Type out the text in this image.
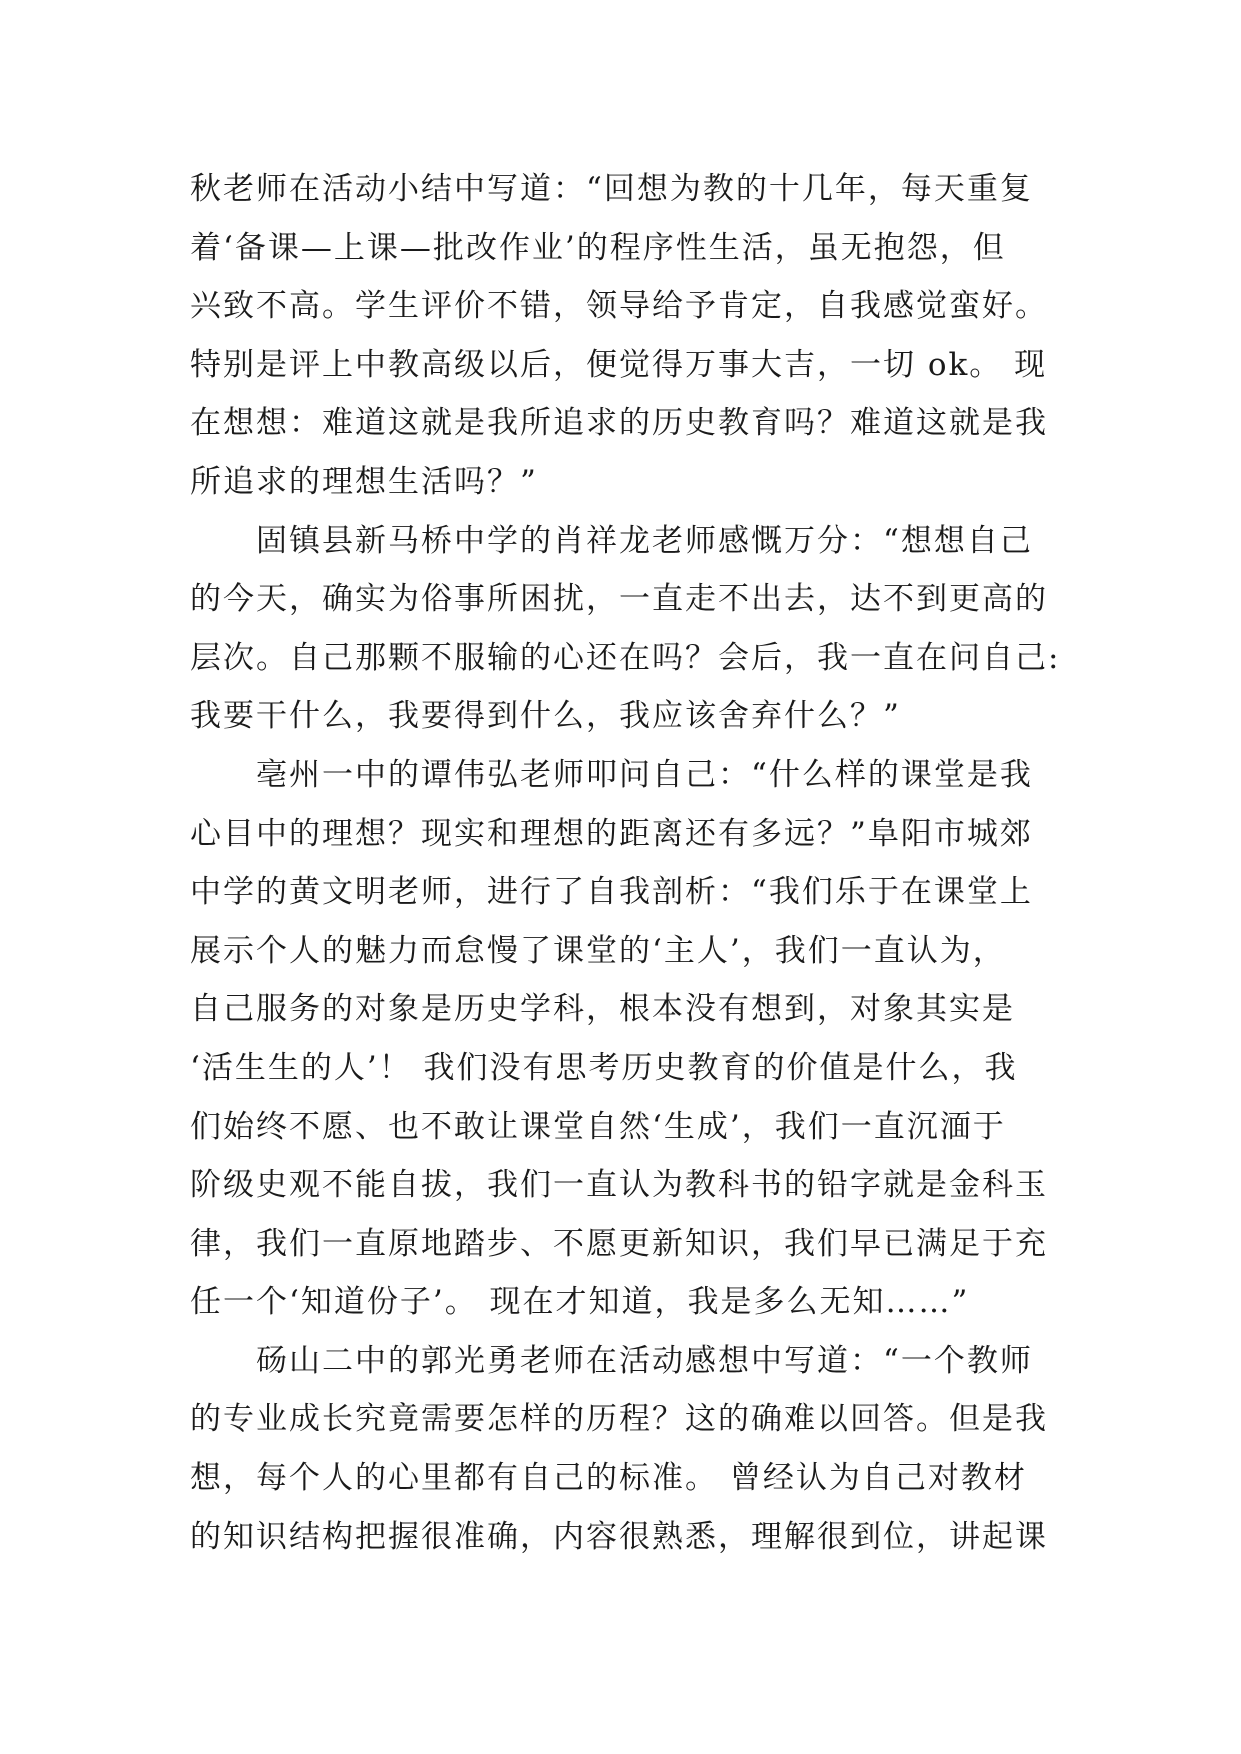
秋老师在活动小结中写道：“回想为教的十几年，每天重复
着‘备课—上课—批改作业’的程序性生活，虽无抱怨，但
兴致不高。学生评价不错，领导给予肯定，自我感觉蛮好。
特别是评上中教高级以后，便觉得万事大吉，一切 ok。 现
在想想：难道这就是我所追求的历史教育吗？难道这就是我
所追求的理想生活吗？”
　　固镇县新马桥中学的肖祥龙老师感慨万分：“想想自己
的今天，确实为俗事所困扰，一直走不出去，达不到更高的
层次。自己那颗不服输的心还在吗？会后，我一直在问自己:
我要干什么，我要得到什么，我应该舍弃什么？”
　　亳州一中的谭伟弘老师叩问自己：“什么样的课堂是我
心目中的理想？现实和理想的距离还有多远？”阜阳市城郊
中学的黄文明老师，进行了自我剖析：“我们乐于在课堂上
展示个人的魅力而怠慢了课堂的‘主人’，我们一直认为，
自己服务的对象是历史学科，根本没有想到，对象其实是
‘活生生的人’！ 我们没有思考历史教育的价值是什么，我
们始终不愿、也不敢让课堂自然‘生成’，我们一直沉湎于
阶级史观不能自拔，我们一直认为教科书的铅字就是金科玉
律，我们一直原地踏步、不愿更新知识，我们早已满足于充
任一个‘知道份子’。 现在才知道，我是多么无知……”
　　砀山二中的郭光勇老师在活动感想中写道：“一个教师
的专业成长究竟需要怎样的历程？这的确难以回答。但是我
想，每个人的心里都有自己的标准。 曾经认为自己对教材
的知识结构把握很准确，内容很熟悉，理解很到位，讲起课
